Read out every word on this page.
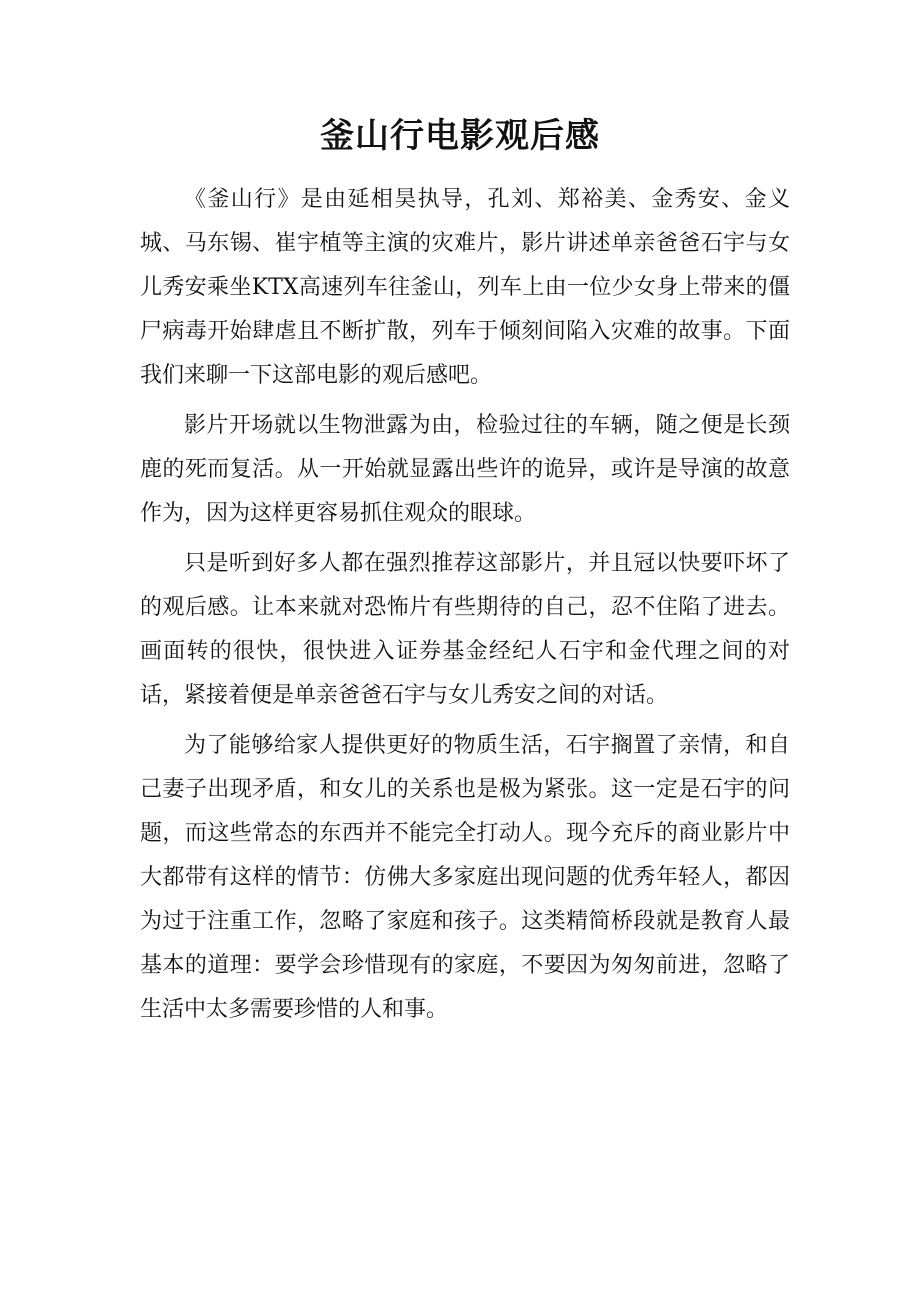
釜山行电影观后感

《釜山行》是由延相昊执导，孔刘、郑裕美、金秀安、金义城、马东锡、崔宇植等主演的灾难片，影片讲述单亲爸爸石宇与女儿秀安乘坐KTX高速列车往釜山，列车上由一位少女身上带来的僵尸病毒开始肆虐且不断扩散，列车于倾刻间陷入灾难的故事。下面我们来聊一下这部电影的观后感吧。

影片开场就以生物泄露为由，检验过往的车辆，随之便是长颈鹿的死而复活。从一开始就显露出些许的诡异，或许是导演的故意作为，因为这样更容易抓住观众的眼球。

只是听到好多人都在强烈推荐这部影片，并且冠以快要吓坏了的观后感。让本来就对恐怖片有些期待的自己，忍不住陷了进去。画面转的很快，很快进入证券基金经纪人石宇和金代理之间的对话，紧接着便是单亲爸爸石宇与女儿秀安之间的对话。

为了能够给家人提供更好的物质生活，石宇搁置了亲情，和自己妻子出现矛盾，和女儿的关系也是极为紧张。这一定是石宇的问题，而这些常态的东西并不能完全打动人。现今充斥的商业影片中大都带有这样的情节：仿佛大多家庭出现问题的优秀年轻人，都因为过于注重工作，忽略了家庭和孩子。这类精简桥段就是教育人最基本的道理：要学会珍惜现有的家庭，不要因为匆匆前进，忽略了生活中太多需要珍惜的人和事。
